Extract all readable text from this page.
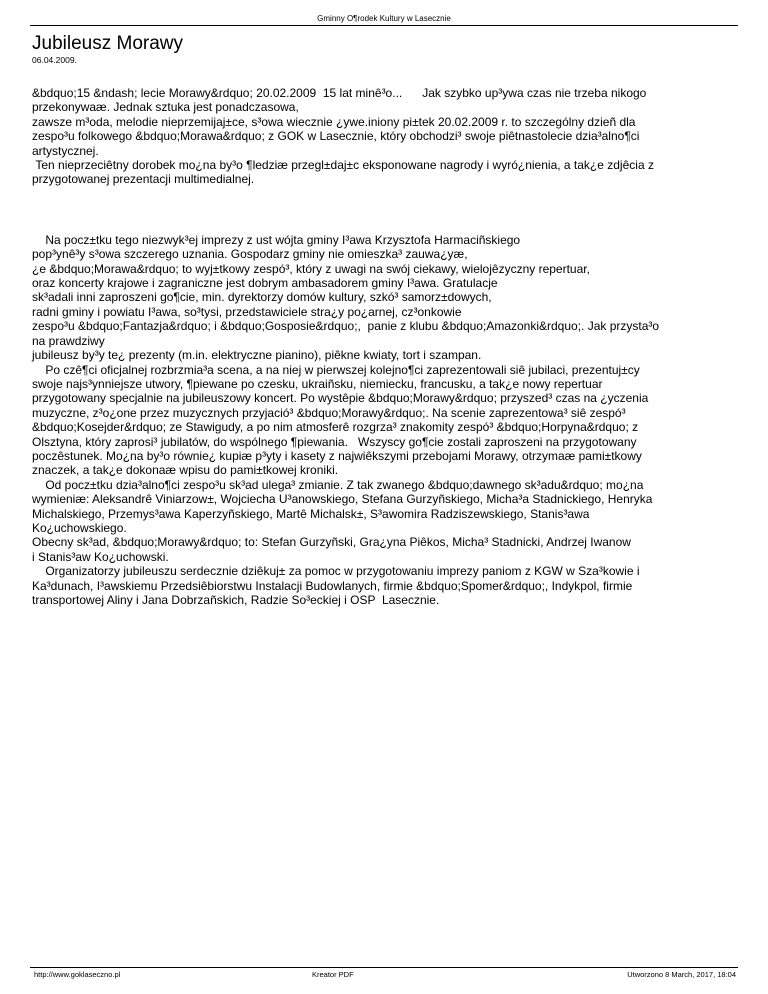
Gminny O¶rodek Kultury w Lasecznie
Jubileusz Morawy
06.04.2009.

&bdquo;15 &ndash; lecie Morawy&rdquo; 20.02.2009  15 lat minê³o...      Jak szybko up³ywa czas nie trzeba nikogo
przekonywaæ. Jednak sztuka jest ponadczasowa,
zawsze m³oda, melodie nieprzemijaj±ce, s³owa wiecznie ¿ywe.iniony pi±tek 20.02.2009 r. to szczególny dzieñ dla
zespo³u folkowego &bdquo;Morawa&rdquo; z GOK w Lasecznie, który obchodzi³ swoje piêtnastolecie dzia³alno¶ci
artystycznej.

Ten nieprzeciêtny dorobek mo¿na by³o ¶ledziæ przegl±daj±c eksponowane nagrody i wyró¿nienia, a tak¿e zdjêcia z
przygotowanej prezentacji multimedialnej.

Na pocz±tku tego niezwyk³ej imprezy z ust wójta gminy I³awa Krzysztofa Harmaciñskiego
pop³ynê³y s³owa szczerego uznania. Gospodarz gminy nie omieszka³ zauwa¿yæ,
¿e &bdquo;Morawa&rdquo; to wyj±tkowy zespó³, który z uwagi na swój ciekawy, wielojêzyczny repertuar,
oraz koncerty krajowe i zagraniczne jest dobrym ambasadorem gminy I³awa. Gratulacje
sk³adali inni zaproszeni go¶cie, min. dyrektorzy domów kultury, szkó³ samorz±dowych,
radni gminy i powiatu I³awa, so³tysi, przedstawiciele stra¿y po¿arnej, cz³onkowie
zespo³u &bdquo;Fantazja&rdquo; i &bdquo;Gosposie&rdquo;,  panie z klubu &bdquo;Amazonki&rdquo;. Jak przysta³o
na prawdziwy
jubileusz by³y te¿ prezenty (m.in. elektryczne pianino), piêkne kwiaty, tort i szampan.

Po czê¶ci oficjalnej rozbrzmia³a scena, a na niej w pierwszej kolejno¶ci zaprezentowali siê jubilaci, prezentuj±cy
swoje najs³ynniejsze utwory, ¶piewane po czesku, ukraiñsku, niemiecku, francusku, a tak¿e nowy repertuar
przygotowany specjalnie na jubileuszowy koncert. Po wystêpie &bdquo;Morawy&rdquo; przyszed³ czas na ¿yczenia
muzyczne, z³o¿one przez muzycznych przyjació³ &bdquo;Morawy&rdquo;. Na scenie zaprezentowa³ siê zespó³
&bdquo;Kosejder&rdquo; ze Stawigudy, a po nim atmosferê rozgrza³ znakomity zespó³ &bdquo;Horpyna&rdquo; z
Olsztyna, który zaprosi³ jubilatów, do wspólnego ¶piewania.   Wszyscy go¶cie zostali zaproszeni na przygotowany
poczêstunek. Mo¿na by³o równie¿ kupiæ p³yty i kasety z najwiêkszymi przebojami Morawy, otrzymaæ pami±tkowy
znaczek, a tak¿e dokonaæ wpisu do pami±tkowej kroniki.

Od pocz±tku dzia³alno¶ci zespo³u sk³ad ulega³ zmianie. Z tak zwanego &bdquo;dawnego sk³adu&rdquo; mo¿na
wymieniæ: Aleksandrê Viniarzow±, Wojciecha U³anowskiego, Stefana Gurzyñskiego, Micha³a Stadnickiego, Henryka
Michalskiego, Przemys³awa Kaperzyñskiego, Martê Michalsk±, S³awomira Radziszewskiego, Stanis³awa
Ko¿uchowskiego.

Obecny sk³ad, &bdquo;Morawy&rdquo; to: Stefan Gurzyñski, Gra¿yna Piêkos, Micha³ Stadnicki, Andrzej Iwanow
i Stanis³aw Ko¿uchowski.

Organizatorzy jubileuszu serdecznie dziêkuj± za pomoc w przygotowaniu imprezy paniom z KGW w Sza³kowie i
Ka³dunach, I³awskiemu Przedsiêbiorstwu Instalacji Budowlanych, firmie &bdquo;Spomer&rdquo;, Indykpol, firmie
transportowej Aliny i Jana Dobrzañskich, Radzie So³eckiej i OSP  Lasecznie.

http://www.goklaseczno.pl	Kreator PDF	Utworzono 8 March, 2017, 18:04
